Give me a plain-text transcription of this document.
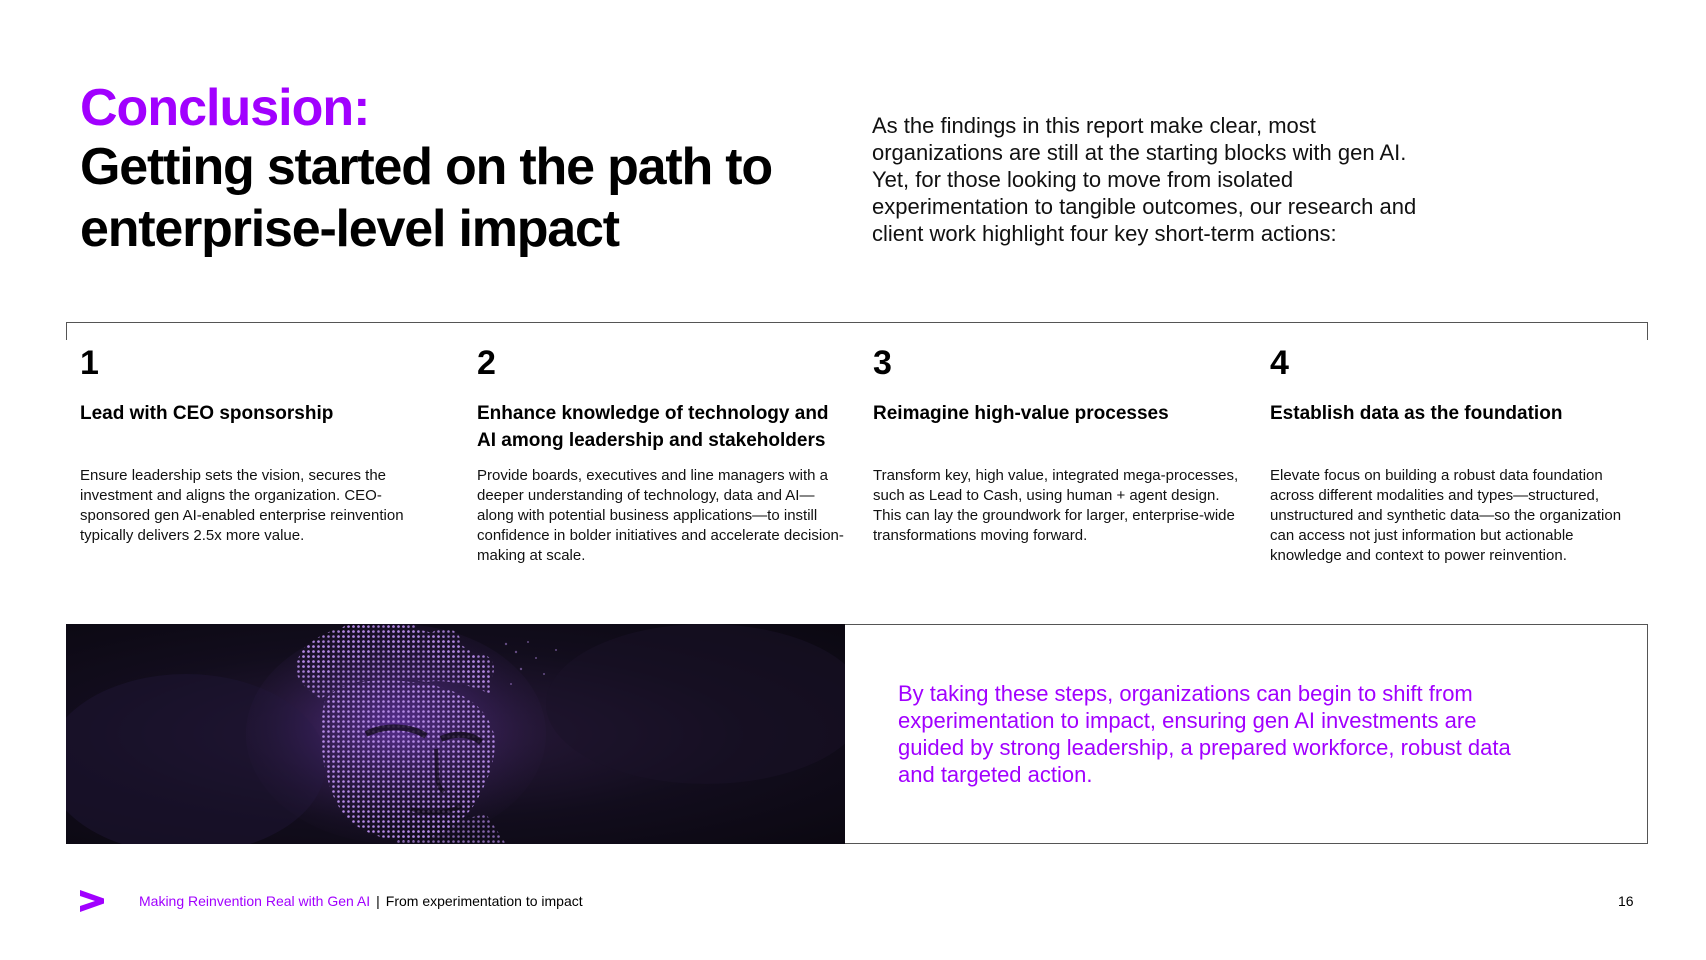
Conclusion:
Getting started on the path to enterprise-level impact

As the findings in this report make clear, most organizations are still at the starting blocks with gen AI. Yet, for those looking to move from isolated experimentation to tangible outcomes, our research and client work highlight four key short-term actions:

1

Lead with CEO sponsorship

Ensure leadership sets the vision, secures the investment and aligns the organization. CEO-sponsored gen AI-enabled enterprise reinvention typically delivers 2.5x more value.

2

Enhance knowledge of technology and AI among leadership and stakeholders

Provide boards, executives and line managers with a deeper understanding of technology, data and AI—along with potential business applications—to instill confidence in bolder initiatives and accelerate decision-making at scale.

3

Reimagine high-value processes

Transform key, high value, integrated mega-processes, such as Lead to Cash, using human + agent design. This can lay the groundwork for larger, enterprise-wide transformations moving forward.

4

Establish data as the foundation

Elevate focus on building a robust data foundation across different modalities and types—structured, unstructured and synthetic data—so the organization can access not just information but actionable knowledge and context to power reinvention.

By taking these steps, organizations can begin to shift from experimentation to impact, ensuring gen AI investments are guided by strong leadership, a prepared workforce, robust data and targeted action.

Making Reinvention Real with Gen AI | From experimentation to impact	16
